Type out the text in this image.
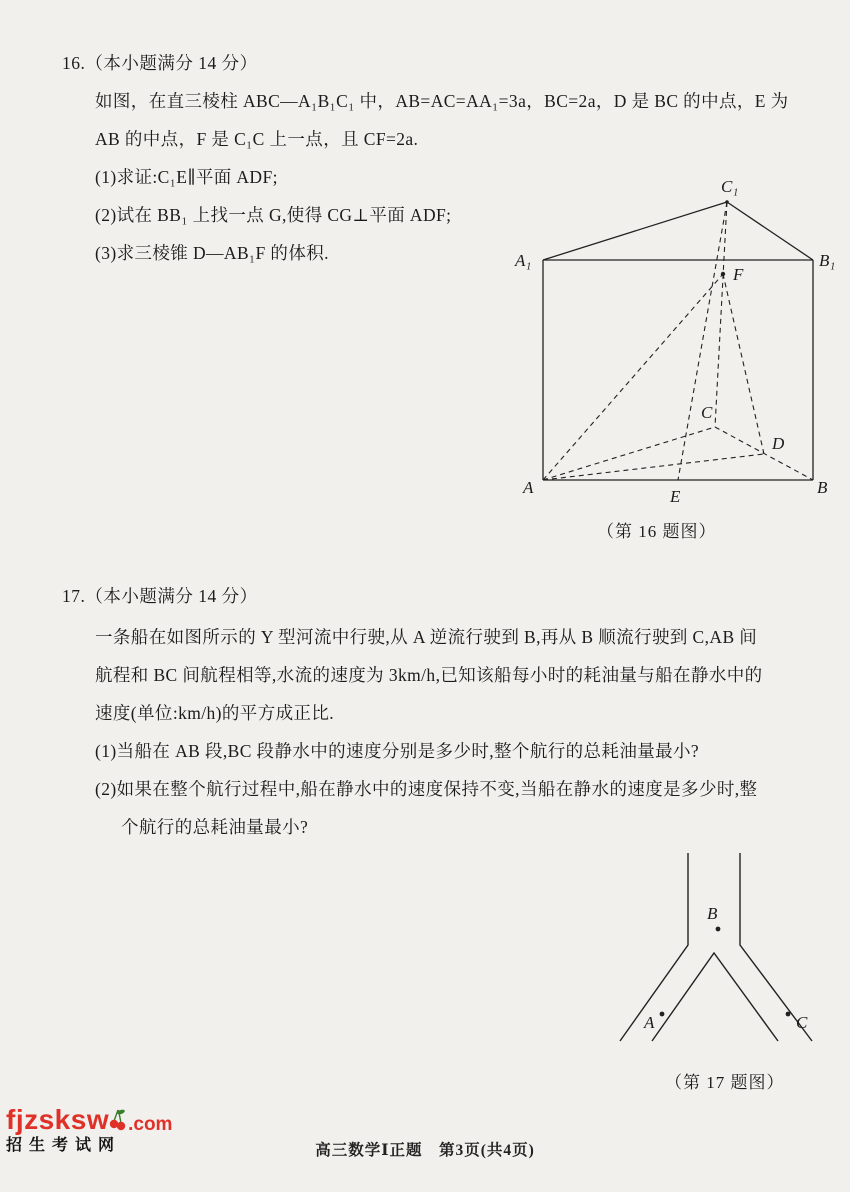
16.（本小题满分 14 分）
如图，在直三棱柱 ABC—A₁B₁C₁ 中，AB=AC=AA₁=3a，BC=2a，D 是 BC 的中点，E 为
AB 的中点，F 是 C₁C 上一点，且 CF=2a.
(1)求证:C₁E∥平面 ADF;
(2)试在 BB₁ 上找一点 G,使得 CG⊥平面 ADF;
(3)求三棱锥 D—AB₁F 的体积.
C₁
A₁	B₁
F
C
D
A	B
E
（第 16 题图）
17.（本小题满分 14 分）
一条船在如图所示的 Y 型河流中行驶,从 A 逆流行驶到 B,再从 B 顺流行驶到 C,AB 间
航程和 BC 间航程相等,水流的速度为 3km/h,已知该船每小时的耗油量与船在静水中的
速度(单位:km/h)的平方成正比.
(1)当船在 AB 段,BC 段静水中的速度分别是多少时,整个航行的总耗油量最小?
(2)如果在整个航行过程中,船在静水中的速度保持不变,当船在静水的速度是多少时,整
个航行的总耗油量最小?
B
A	C
（第 17 题图）
fjzsksw .com
招生考试网	高三数学Ⅰ正题　第3页(共4页)
